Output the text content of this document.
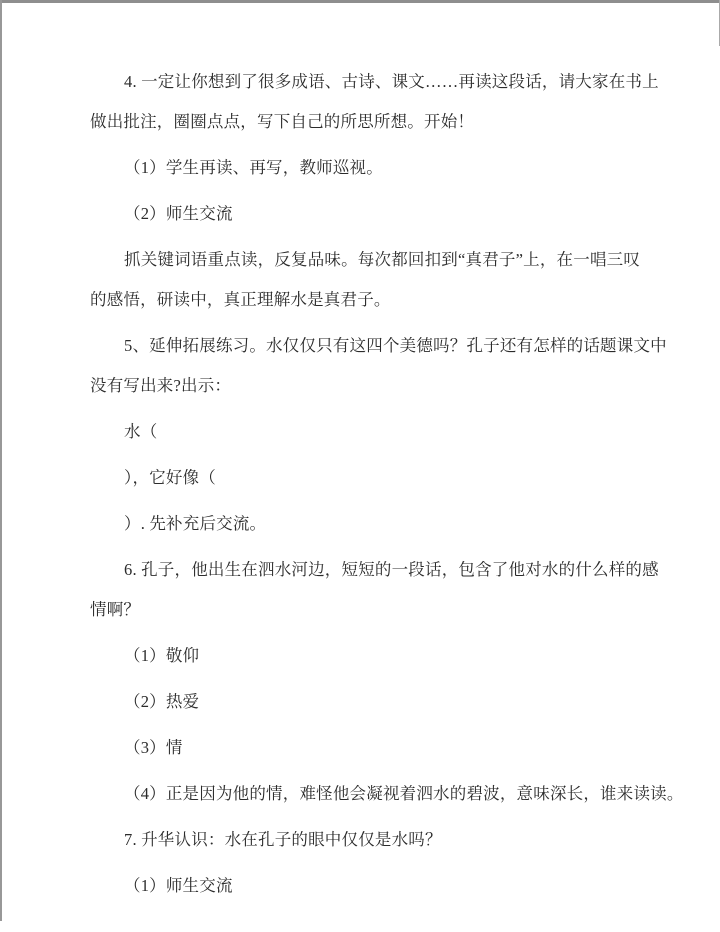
4. 一定让你想到了很多成语、古诗、课文……再读这段话，请大家在书上
做出批注，圈圈点点，写下自己的所思所想。开始！
（1）学生再读、再写，教师巡视。
（2）师生交流
抓关键词语重点读，反复品味。每次都回扣到“真君子”上，在一唱三叹
的感悟，研读中，真正理解水是真君子。
5、延伸拓展练习。水仅仅只有这四个美德吗？孔子还有怎样的话题课文中
没有写出来?出示：
水（
），它好像（
）. 先补充后交流。
6. 孔子，他出生在泗水河边，短短的一段话，包含了他对水的什么样的感
情啊？
（1）敬仰
（2）热爱
（3）情
（4）正是因为他的情，难怪他会凝视着泗水的碧波，意味深长，谁来读读。
7. 升华认识：水在孔子的眼中仅仅是水吗？
（1）师生交流
